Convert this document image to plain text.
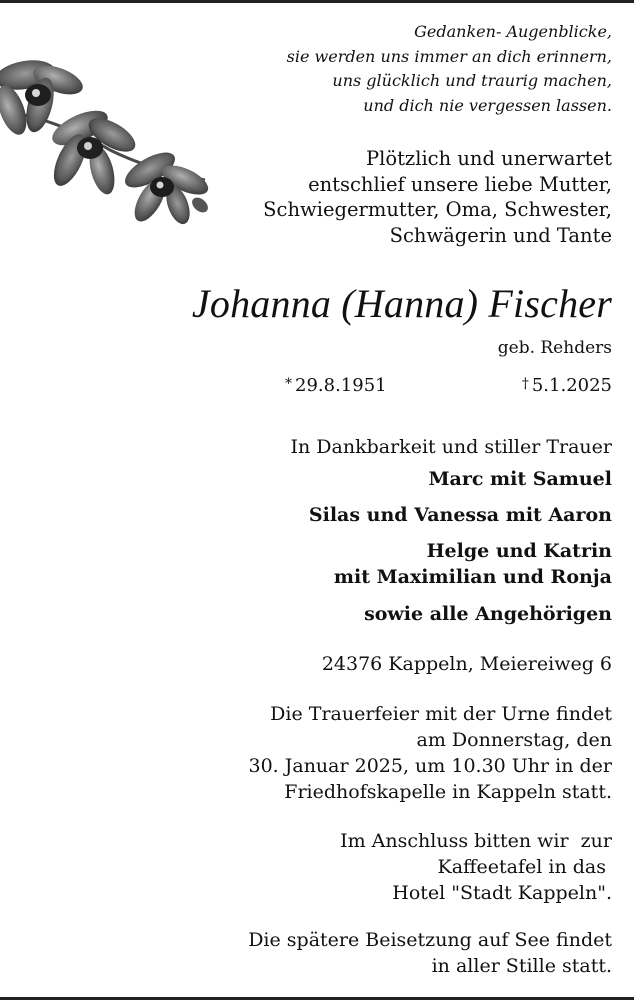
Gedanken- Augenblicke,
sie werden uns immer an dich erinnern,
uns glücklich und traurig machen,
und dich nie vergessen lassen.
Plötzlich und unerwartet
entschlief unsere liebe Mutter,
Schwiegermutter, Oma, Schwester,
Schwägerin und Tante
Johanna (Hanna) Fischer
geb. Rehders
* 29.8.1951	† 5.1.2025
In Dankbarkeit und stiller Trauer
Marc mit Samuel
Silas und Vanessa mit Aaron
Helge und Katrin
mit Maximilian und Ronja
sowie alle Angehörigen
24376 Kappeln, Meiereiweg 6
Die Trauerfeier mit der Urne findet
am Donnerstag, den
30. Januar 2025, um 10.30 Uhr in der
Friedhofskapelle in Kappeln statt.
Im Anschluss bitten wir  zur
Kaffeetafel in das
Hotel "Stadt Kappeln".
Die spätere Beisetzung auf See findet
in aller Stille statt.
